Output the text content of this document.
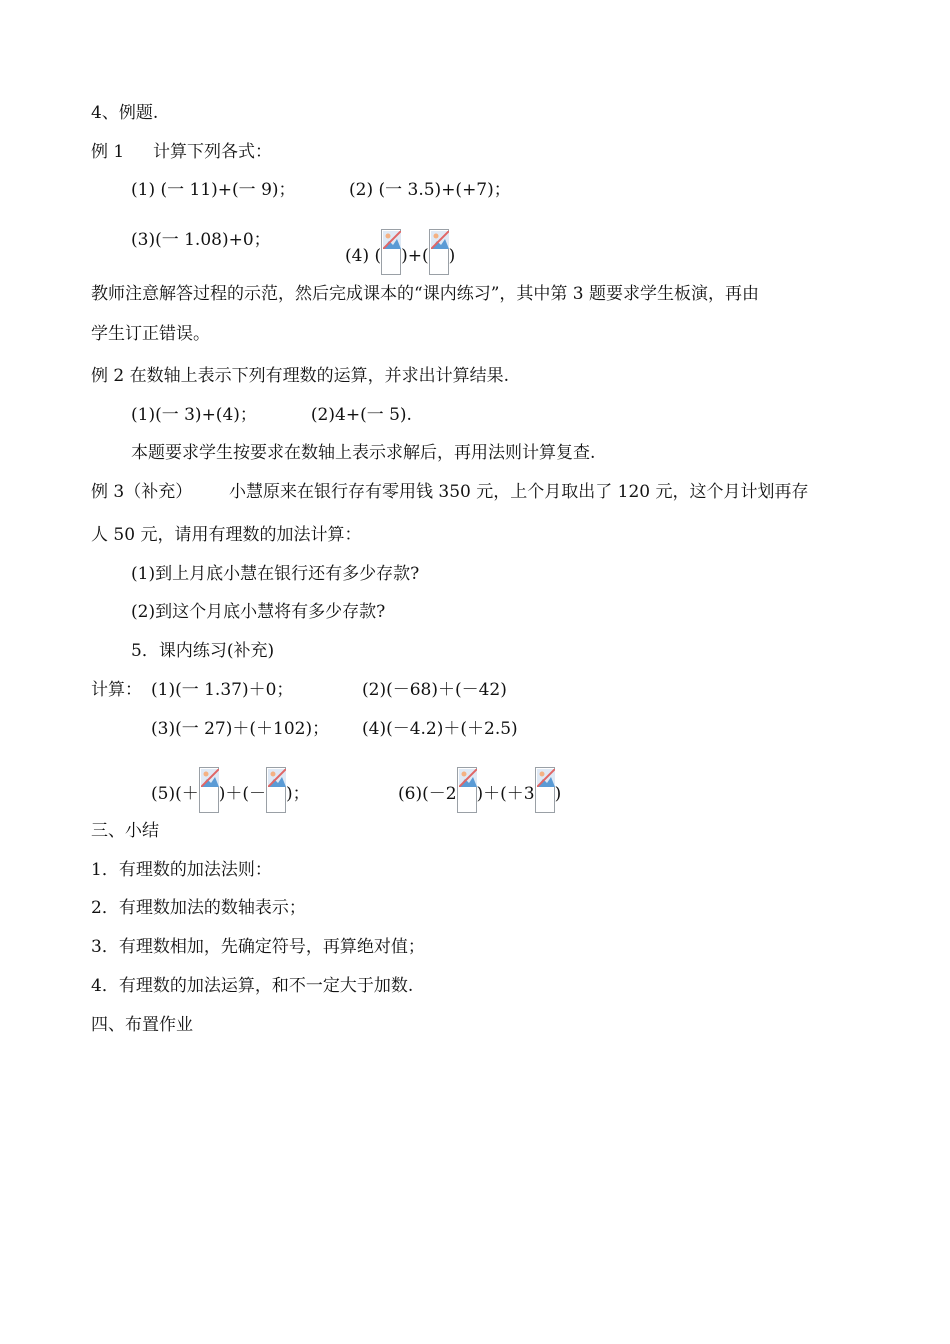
4、例题.
例 1 计算下列各式：
(1) (一 11)+(一 9)；	(2) (一 3.5)+(+7)；
(3)(一 1.08)+0；
(4) ( )+( )
教师注意解答过程的示范，然后完成课本的“课内练习”，其中第 3 题要求学生板演，再由
学生订正错误。
例 2 在数轴上表示下列有理数的运算，并求出计算结果.
(1)(一 3)+(4)；          (2)4+(一 5).
本题要求学生按要求在数轴上表示求解后，再用法则计算复查.
例 3（补充） 小慧原来在银行存有零用钱 350 元，上个月取出了 120 元，这个月计划再存
人 50 元，请用有理数的加法计算：
(1)到上月底小慧在银行还有多少存款?
(2)到这个月底小慧将有多少存款?
5．课内练习(补充)
计算： (1)(一 1.37)＋0；	(2)(－68)＋(－42)
(3)(一 27)＋(＋102)； (4)(－4.2)＋(＋2.5)
(5)(＋ )＋(－ )；	(6)(－2 )＋(＋3 )
三、小结
1．有理数的加法法则：
2．有理数加法的数轴表示；
3．有理数相加，先确定符号，再算绝对值；
4．有理数的加法运算，和不一定大于加数.
四、布置作业
